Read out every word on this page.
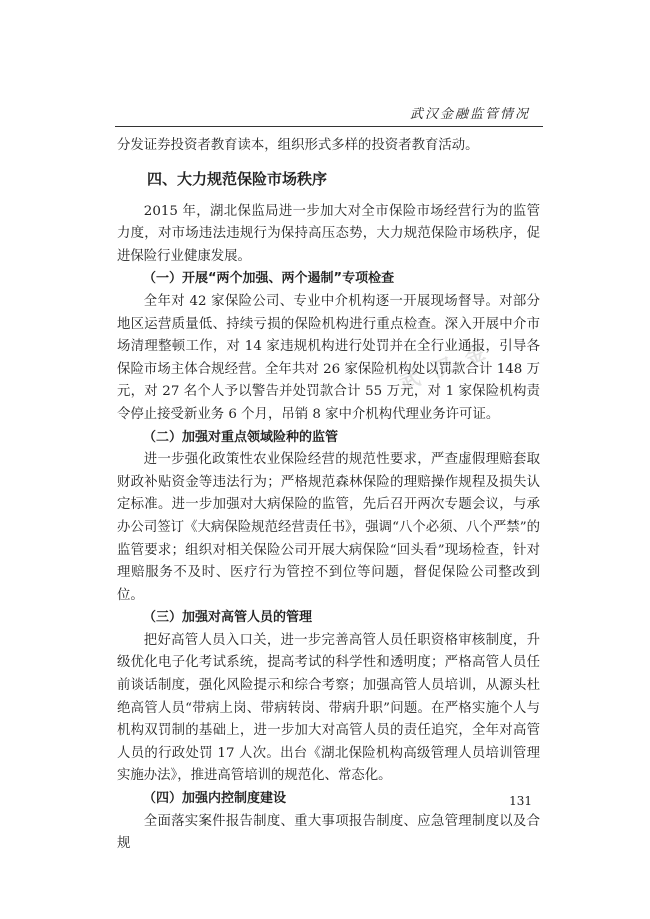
武汉金融监管情况
武 汉 金

分发证券投资者教育读本，组织形式多样的投资者教育活动。

四、大力规范保险市场秩序

2015 年，湖北保监局进一步加大对全市保险市场经营行为的监管力度，对市场违法违规行为保持高压态势，大力规范保险市场秩序，促进保险行业健康发展。

（一）开展“两个加强、两个遏制”专项检查

全年对 42 家保险公司、专业中介机构逐一开展现场督导。对部分地区运营质量低、持续亏损的保险机构进行重点检查。深入开展中介市场清理整顿工作，对 14 家违规机构进行处罚并在全行业通报，引导各保险市场主体合规经营。全年共对 26 家保险机构处以罚款合计 148 万元，对 27 名个人予以警告并处罚款合计 55 万元，对 1 家保险机构责令停止接受新业务 6 个月，吊销 8 家中介机构代理业务许可证。

（二）加强对重点领域险种的监管

进一步强化政策性农业保险经营的规范性要求，严查虚假理赔套取财政补贴资金等违法行为；严格规范森林保险的理赔操作规程及损失认定标准。进一步加强对大病保险的监管，先后召开两次专题会议，与承办公司签订《大病保险规范经营责任书》，强调“八个必须、八个严禁”的监管要求；组织对相关保险公司开展大病保险“回头看”现场检查，针对理赔服务不及时、医疗行为管控不到位等问题，督促保险公司整改到位。

（三）加强对高管人员的管理

把好高管人员入口关，进一步完善高管人员任职资格审核制度，升级优化电子化考试系统，提高考试的科学性和透明度；严格高管人员任前谈话制度，强化风险提示和综合考察；加强高管人员培训，从源头杜绝高管人员“带病上岗、带病转岗、带病升职”问题。在严格实施个人与机构双罚制的基础上，进一步加大对高管人员的责任追究，全年对高管人员的行政处罚 17 人次。出台《湖北保险机构高级管理人员培训管理实施办法》，推进高管培训的规范化、常态化。

（四）加强内控制度建设

全面落实案件报告制度、重大事项报告制度、应急管理制度以及合规

131
